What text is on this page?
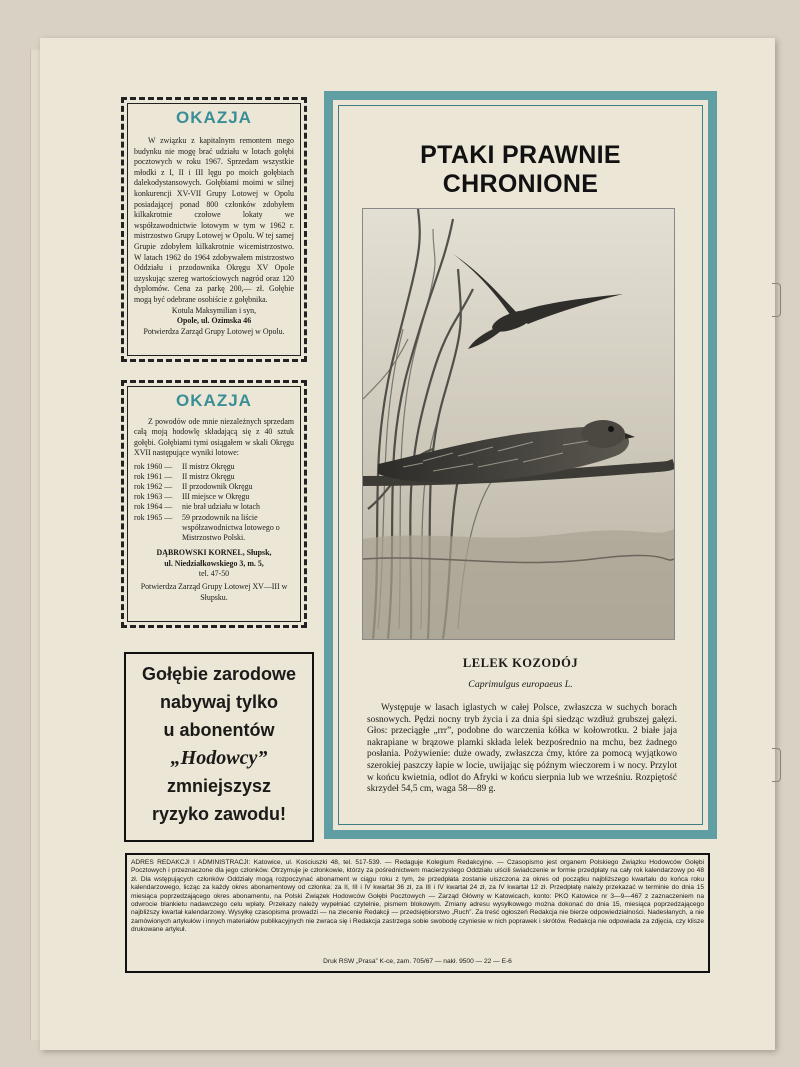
OKAZJA
W związku z kapitalnym remontem mego budynku nie mogę brać udziału w lotach gołębi pocztowych w roku 1967. Sprzedam wszystkie młodki z I, II i III lęgu po moich gołębiach dalekodystansowych. Gołębiami moimi w silnej konkurencji XV-VII Grupy Lotowej w Opolu posiadającej ponad 800 członków zdobyłem kilkakrotnie czołowe lokaty we współzawodnictwie lotowym w tym w 1962 r. mistrzostwo Grupy Lotowej w Opolu. W tej samej Grupie zdobyłem kilkakrotnie wicemistrzostwo. W latach 1962 do 1964 zdobywałem mistrzostwo Oddziału i przodownika Okręgu XV Opole uzyskując szereg wartościowych nagród oraz 120 dyplomów. Cena za parkę 200,— zł. Gołębie mogą być odebrane osobiście z gołębnika.
Kotula Maksymilian i syn,
Opole, ul. Ozimska 46
Potwierdza Zarząd Grupy Lotowej w Opolu.
OKAZJA
Z powodów ode mnie niezależnych sprzedam całą moją hodowlę składającą się z 40 sztuk gołębi. Gołębiami tymi osiągałem w skali Okręgu XVII następujące wyniki lotowe:
rok 1960 —	II mistrz Okręgu
rok 1961 —	II mistrz Okręgu
rok 1962 —	II przodownik Okręgu
rok 1963 —	III miejsce w Okręgu
rok 1964 —	nie brał udziału w lotach
rok 1965 —	59 przodownik na liście współzawodnictwa lotowego o Mistrzostwo Polski.
DĄBROWSKI KORNEL, Słupsk,
ul. Niedziałkowskiego 3, m. 5,
tel. 47-50
Potwierdza Zarząd Grupy Lotowej XV—III w Słupsku.
Gołębie zarodowe
nabywaj tylko
u abonentów
„Hodowcy”
zmniejszysz
ryzyko zawodu!
PTAKI PRAWNIE CHRONIONE
LELEK KOZODÓJ
Caprimulgus europaeus L.
Występuje w lasach iglastych w całej Polsce, zwłaszcza w suchych borach sosnowych. Pędzi nocny tryb życia i za dnia śpi siedząc wzdłuż grubszej gałęzi. Głos: przeciągłe „rrr”, podobne do warczenia kółka w kołowrotku. 2 białe jaja nakrapiane w brązowe plamki składa lelek bezpośrednio na mchu, bez żadnego posłania. Pożywienie: duże owady, zwłaszcza ćmy, które za pomocą wyjątkowo szerokiej paszczy łapie w locie, uwijając się późnym wieczorem i w nocy. Przylot w końcu kwietnia, odlot do Afryki w końcu sierpnia lub we wrześniu. Rozpiętość skrzydeł 54,5 cm, waga 58—89 g.
ADRES REDAKCJI I ADMINISTRACJI: Katowice, ul. Kościuszki 48, tel. 517-539. — Redaguje Kolegium Redakcyjne. — Czasopismo jest organem Polskiego Związku Hodowców Gołębi Pocztowych i przeznaczone dla jego członków. Otrzymuje je członkowie, którzy za pośrednictwem macierzystego Oddziału uiścili świadczenie w formie przedpłaty na cały rok kalendarzowy po 48 zł. Dla wstępujących członków Oddziały mogą rozpoczynać abonament w ciągu roku z tym, że przedpłata zostanie uiszczona za okres od początku najbliższego kwartału do końca roku kalendarzowego, licząc za każdy okres abonamentowy od członka: za II, III i IV kwartał 36 zł, za III i IV kwartał 24 zł, za IV kwartał 12 zł. Przedpłatę należy przekazać w terminie do dnia 15 miesiąca poprzedzającego okres abonamentu, na Polski Związek Hodowców Gołębi Pocztowych — Zarząd Główny w Katowicach, konto: PKO Katowice nr 3—9—467 z zaznaczeniem na odwrocie blankietu nadawczego celu wpłaty. Przekazy należy wypełniać czytelnie, pismem blokowym. Zmiany adresu wysyłkowego można dokonać do dnia 15, miesiąca poprzedzającego najbliższy kwartał kalendarzowy. Wysyłkę czasopisma prowadzi — na zlecenie Redakcji — przedsiębiorstwo „Ruch”. Za treść ogłoszeń Redakcja nie bierze odpowiedzialności. Nadesłanych, a nie zamówionych artykułów i innych materiałów publikacyjnych nie zwraca się i Redakcja zastrzega sobie swobodę czyniesie w nich poprawek i skrótów. Redakcja nie odpowiada za zdjęcia, czy klisze drukowane artykuł.
Druk RSW „Prasa” K-ce, zam. 705/67 — nakł. 9500 — 22 — E-6
